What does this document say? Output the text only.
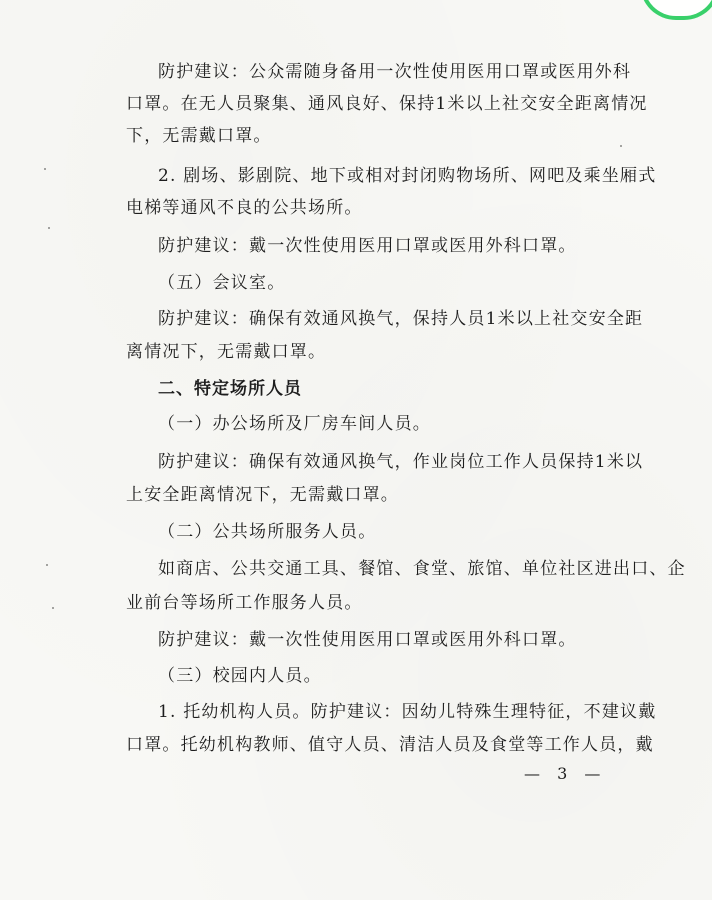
防护建议：公众需随身备用一次性使用医用口罩或医用外科
口罩。在无人员聚集、通风良好、保持1米以上社交安全距离情况
下，无需戴口罩。
2. 剧场、影剧院、地下或相对封闭购物场所、网吧及乘坐厢式
电梯等通风不良的公共场所。
防护建议：戴一次性使用医用口罩或医用外科口罩。
（五）会议室。
防护建议：确保有效通风换气，保持人员1米以上社交安全距
离情况下，无需戴口罩。
二、特定场所人员
（一）办公场所及厂房车间人员。
防护建议：确保有效通风换气，作业岗位工作人员保持1米以
上安全距离情况下，无需戴口罩。
（二）公共场所服务人员。
如商店、公共交通工具、餐馆、食堂、旅馆、单位社区进出口、企
业前台等场所工作服务人员。
防护建议：戴一次性使用医用口罩或医用外科口罩。
（三）校园内人员。
1. 托幼机构人员。防护建议：因幼儿特殊生理特征，不建议戴
口罩。托幼机构教师、值守人员、清洁人员及食堂等工作人员，戴
— 3 —
